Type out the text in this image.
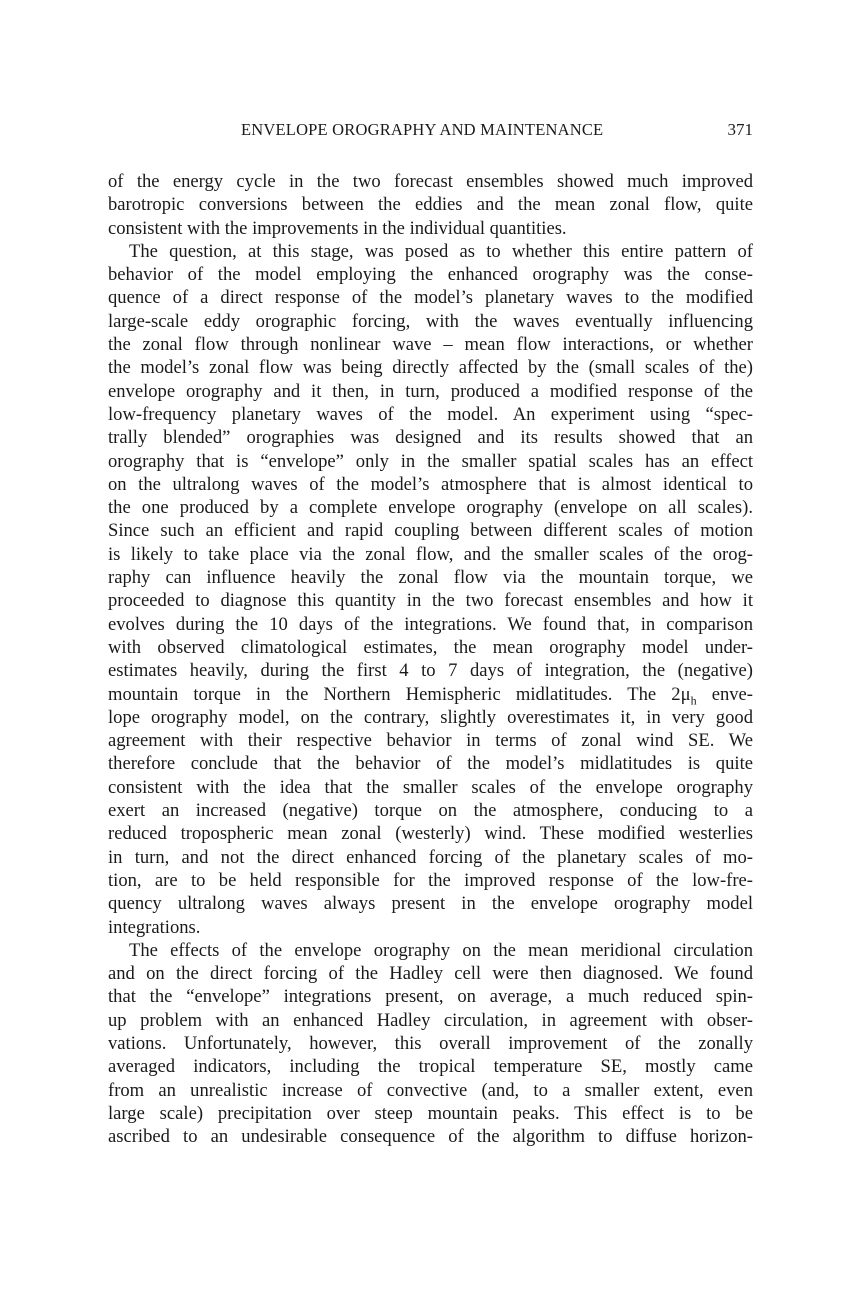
ENVELOPE OROGRAPHY AND MAINTENANCE	371
of the energy cycle in the two forecast ensembles showed much improved
barotropic conversions between the eddies and the mean zonal flow, quite
consistent with the improvements in the individual quantities.
The question, at this stage, was posed as to whether this entire pattern of
behavior of the model employing the enhanced orography was the conse-
quence of a direct response of the model’s planetary waves to the modified
large-scale eddy orographic forcing, with the waves eventually influencing
the zonal flow through nonlinear wave – mean flow interactions, or whether
the model’s zonal flow was being directly affected by the (small scales of the)
envelope orography and it then, in turn, produced a modified response of the
low-frequency planetary waves of the model. An experiment using “spec-
trally blended” orographies was designed and its results showed that an
orography that is “envelope” only in the smaller spatial scales has an effect
on the ultralong waves of the model’s atmosphere that is almost identical to
the one produced by a complete envelope orography (envelope on all scales).
Since such an efficient and rapid coupling between different scales of motion
is likely to take place via the zonal flow, and the smaller scales of the orog-
raphy can influence heavily the zonal flow via the mountain torque, we
proceeded to diagnose this quantity in the two forecast ensembles and how it
evolves during the 10 days of the integrations. We found that, in comparison
with observed climatological estimates, the mean orography model under-
estimates heavily, during the first 4 to 7 days of integration, the (negative)
mountain torque in the Northern Hemispheric midlatitudes. The $2\mu_h$ enve-
lope orography model, on the contrary, slightly overestimates it, in very good
agreement with their respective behavior in terms of zonal wind SE. We
therefore conclude that the behavior of the model’s midlatitudes is quite
consistent with the idea that the smaller scales of the envelope orography
exert an increased (negative) torque on the atmosphere, conducing to a
reduced tropospheric mean zonal (westerly) wind. These modified westerlies
in turn, and not the direct enhanced forcing of the planetary scales of mo-
tion, are to be held responsible for the improved response of the low-fre-
quency ultralong waves always present in the envelope orography model
integrations.
The effects of the envelope orography on the mean meridional circulation
and on the direct forcing of the Hadley cell were then diagnosed. We found
that the “envelope” integrations present, on average, a much reduced spin-
up problem with an enhanced Hadley circulation, in agreement with obser-
vations. Unfortunately, however, this overall improvement of the zonally
averaged indicators, including the tropical temperature SE, mostly came
from an unrealistic increase of convective (and, to a smaller extent, even
large scale) precipitation over steep mountain peaks. This effect is to be
ascribed to an undesirable consequence of the algorithm to diffuse horizon-
